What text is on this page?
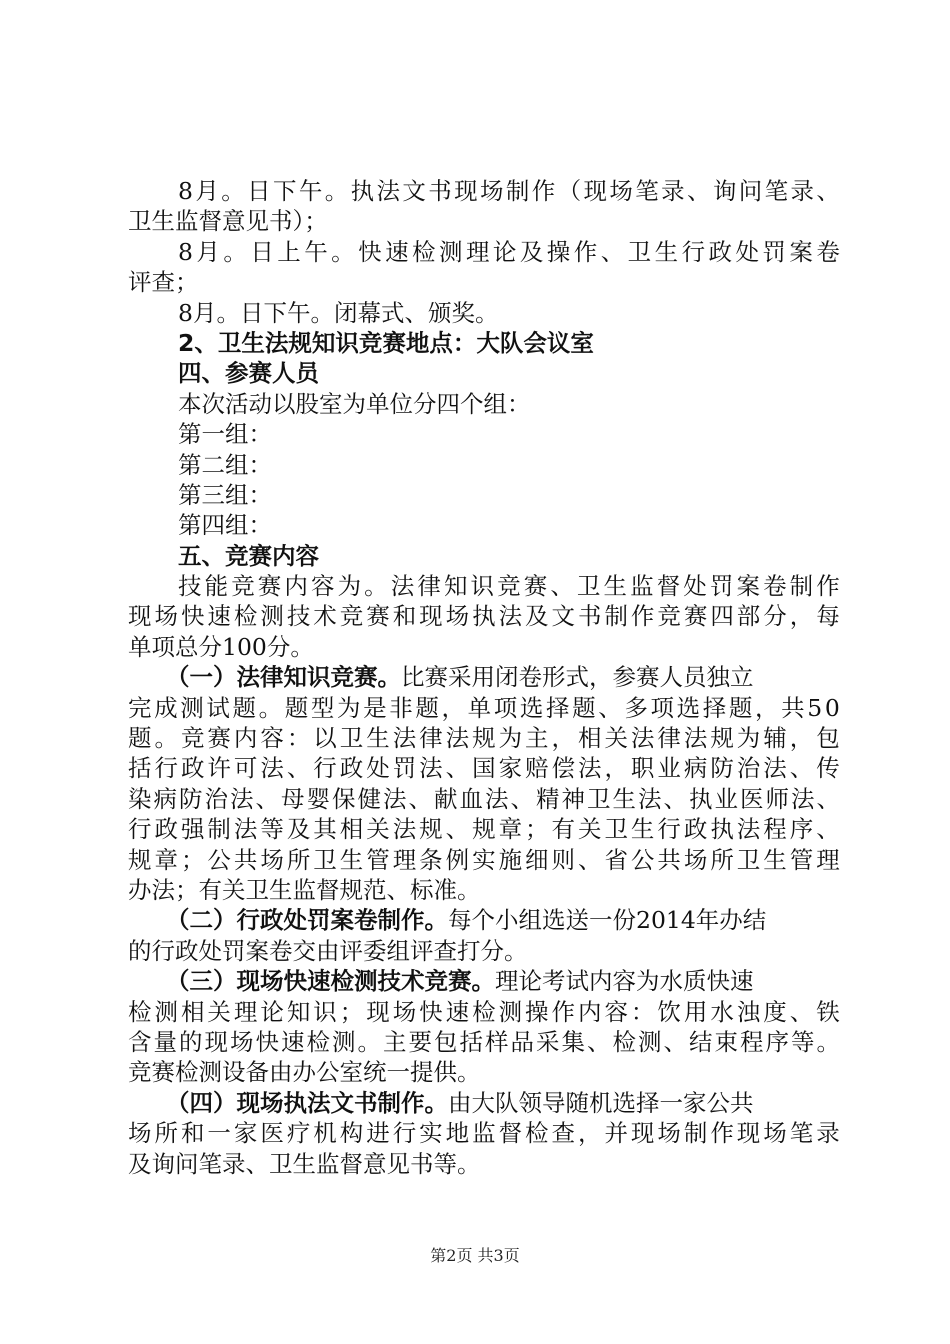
8 月 。 日 下 午 。 执 法 文 书 现 场 制 作 （ 现 场 笔 录 、 询 问 笔 录 、
卫生监督意见书）；
8 月 。 日 上 午 。 快 速 检 测 理 论 及 操 作 、 卫 生 行 政 处 罚 案 卷
评查；
8月。日下午。闭幕式、颁奖。
2、卫生法规知识竞赛地点：大队会议室
四、参赛人员
本次活动以股室为单位分四个组：
第一组：
第二组：
第三组：
第四组：
五、竞赛内容
技 能 竞 赛 内 容 为 。 法 律 知 识 竞 赛 、 卫 生 监 督 处 罚 案 卷 制 作
现 场 快 速 检 测 技 术 竞 赛 和 现 场 执 法 及 文 书 制 作 竞 赛 四 部 分 ， 每
单项总分100分。
（一）法律知识竞赛。比赛采用闭卷形式，参赛人员独立
完 成 测 试 题 。 题 型 为 是 非 题 ， 单 项 选 择 题 、 多 项 选 择 题 ， 共 5 0
题 。 竞 赛 内 容 ： 以 卫 生 法 律 法 规 为 主 ， 相 关 法 律 法 规 为 辅 ， 包
括 行 政 许 可 法 、 行 政 处 罚 法 、 国 家 赔 偿 法 ， 职 业 病 防 治 法 、 传
染 病 防 治 法 、 母 婴 保 健 法 、 献 血 法 、 精 神 卫 生 法 、 执 业 医 师 法 、
行 政 强 制 法 等 及 其 相 关 法 规 、 规 章 ； 有 关 卫 生 行 政 执 法 程 序 、
规 章 ； 公 共 场 所 卫 生 管 理 条 例 实 施 细 则 、 省 公 共 场 所 卫 生 管 理
办法；有关卫生监督规范、标准。
（二）行政处罚案卷制作。每个小组选送一份2014年办结
的行政处罚案卷交由评委组评查打分。
（三）现场快速检测技术竞赛。理论考试内容为水质快速
检 测 相 关 理 论 知 识 ； 现 场 快 速 检 测 操 作 内 容 ： 饮 用 水 浊 度 、 铁
含 量 的 现 场 快 速 检 测 。 主 要 包 括 样 品 采 集 、 检 测 、 结 束 程 序 等 。
竞赛检测设备由办公室统一提供。
（四）现场执法文书制作。由大队领导随机选择一家公共
场 所 和 一 家 医 疗 机 构 进 行 实 地 监 督 检 查 ， 并 现 场 制 作 现 场 笔 录
及询问笔录、卫生监督意见书等。
第2页 共3页
